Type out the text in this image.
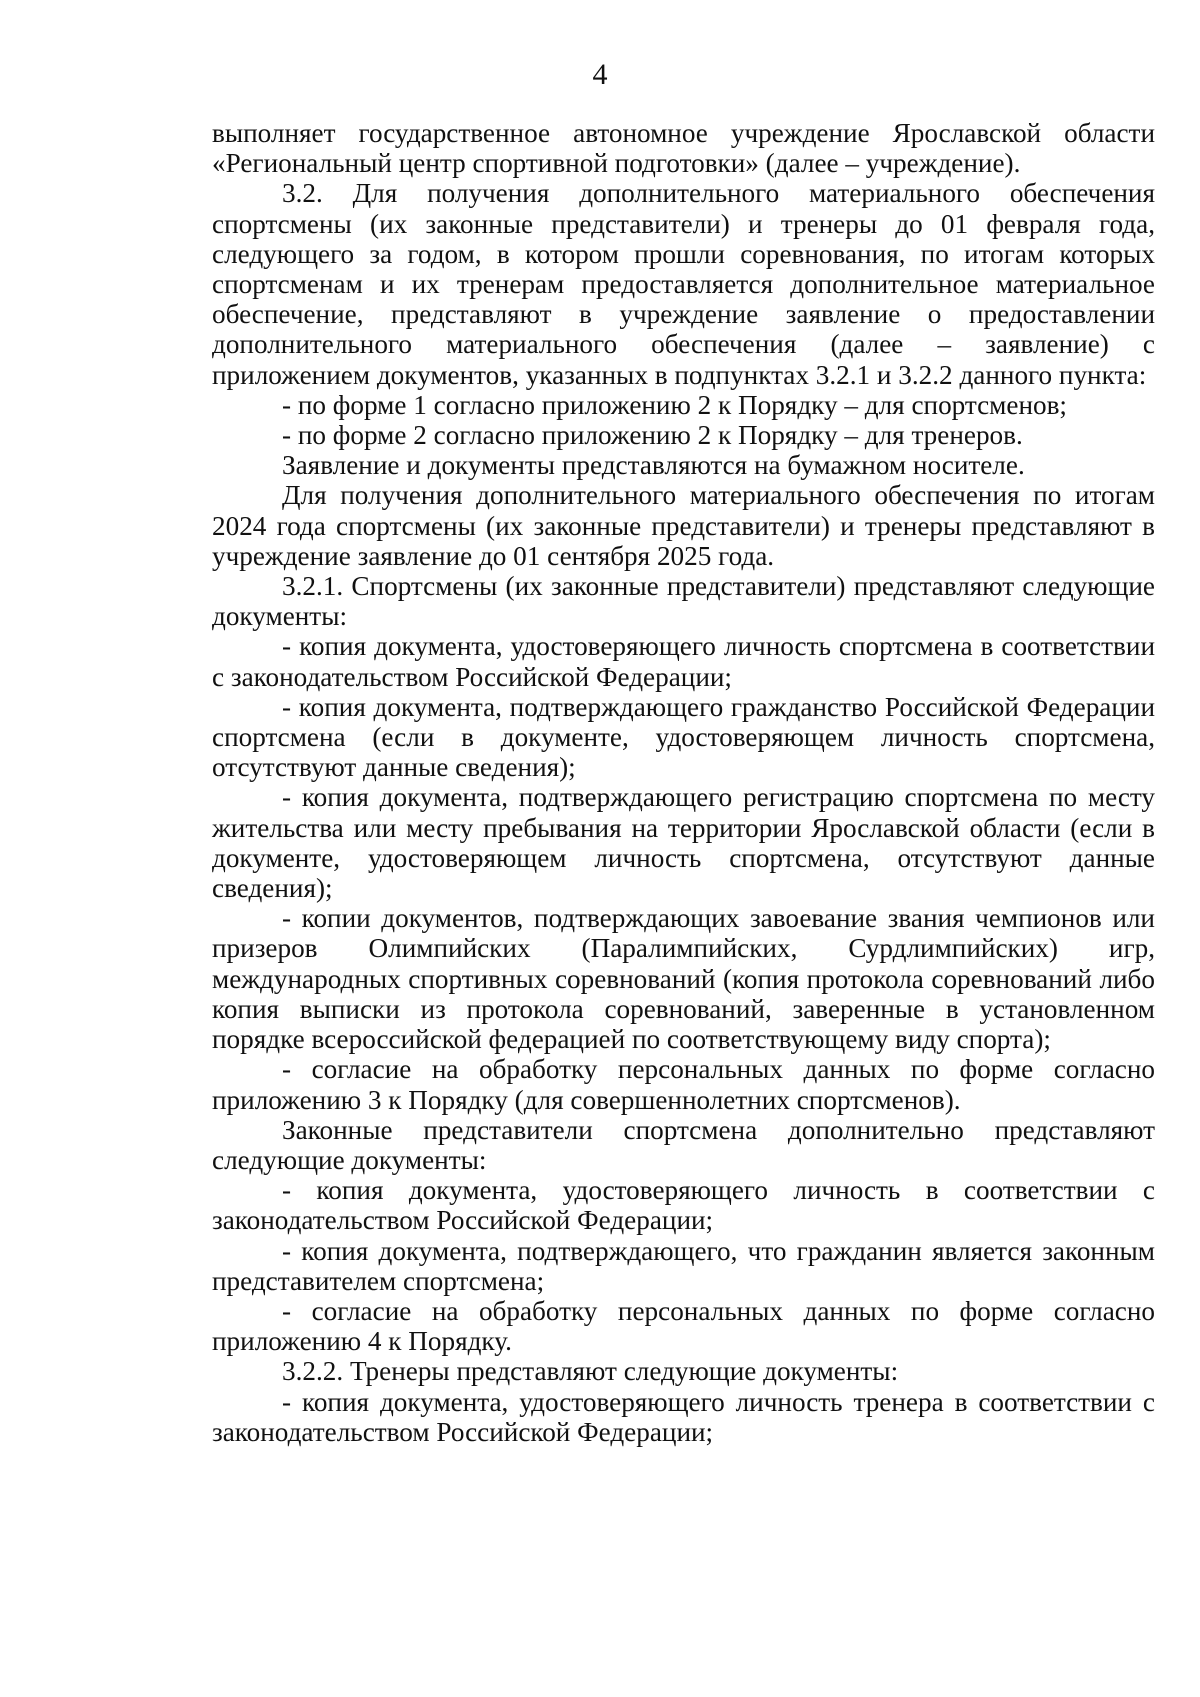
4

выполняет государственное автономное учреждение Ярославской области «Региональный центр спортивной подготовки» (далее – учреждение).

3.2. Для получения дополнительного материального обеспечения спортсмены (их законные представители) и тренеры до 01 февраля года, следующего за годом, в котором прошли соревнования, по итогам которых спортсменам и их тренерам предоставляется дополнительное материальное обеспечение, представляют в учреждение заявление о предоставлении дополнительного материального обеспечения (далее – заявление) с приложением документов, указанных в подпунктах 3.2.1 и 3.2.2 данного пункта:

- по форме 1 согласно приложению 2 к Порядку – для спортсменов;

- по форме 2 согласно приложению 2 к Порядку – для тренеров.

Заявление и документы представляются на бумажном носителе.

Для получения дополнительного материального обеспечения по итогам 2024 года спортсмены (их законные представители) и тренеры представляют в учреждение заявление до 01 сентября 2025 года.

3.2.1. Спортсмены (их законные представители) представляют следующие документы:

- копия документа, удостоверяющего личность спортсмена в соответствии с законодательством Российской Федерации;

- копия документа, подтверждающего гражданство Российской Федерации спортсмена (если в документе, удостоверяющем личность спортсмена, отсутствуют данные сведения);

- копия документа, подтверждающего регистрацию спортсмена по месту жительства или месту пребывания на территории Ярославской области (если в документе, удостоверяющем личность спортсмена, отсутствуют данные сведения);

- копии документов, подтверждающих завоевание звания чемпионов или призеров Олимпийских (Паралимпийских, Сурдлимпийских) игр, международных спортивных соревнований (копия протокола соревнований либо копия выписки из протокола соревнований, заверенные в установленном порядке всероссийской федерацией по соответствующему виду спорта);

- согласие на обработку персональных данных по форме согласно приложению 3 к Порядку (для совершеннолетних спортсменов).

Законные представители спортсмена дополнительно представляют следующие документы:

- копия документа, удостоверяющего личность в соответствии с законодательством Российской Федерации;

- копия документа, подтверждающего, что гражданин является законным представителем спортсмена;

- согласие на обработку персональных данных по форме согласно приложению 4 к Порядку.

3.2.2. Тренеры представляют следующие документы:

- копия документа, удостоверяющего личность тренера в соответствии с законодательством Российской Федерации;
